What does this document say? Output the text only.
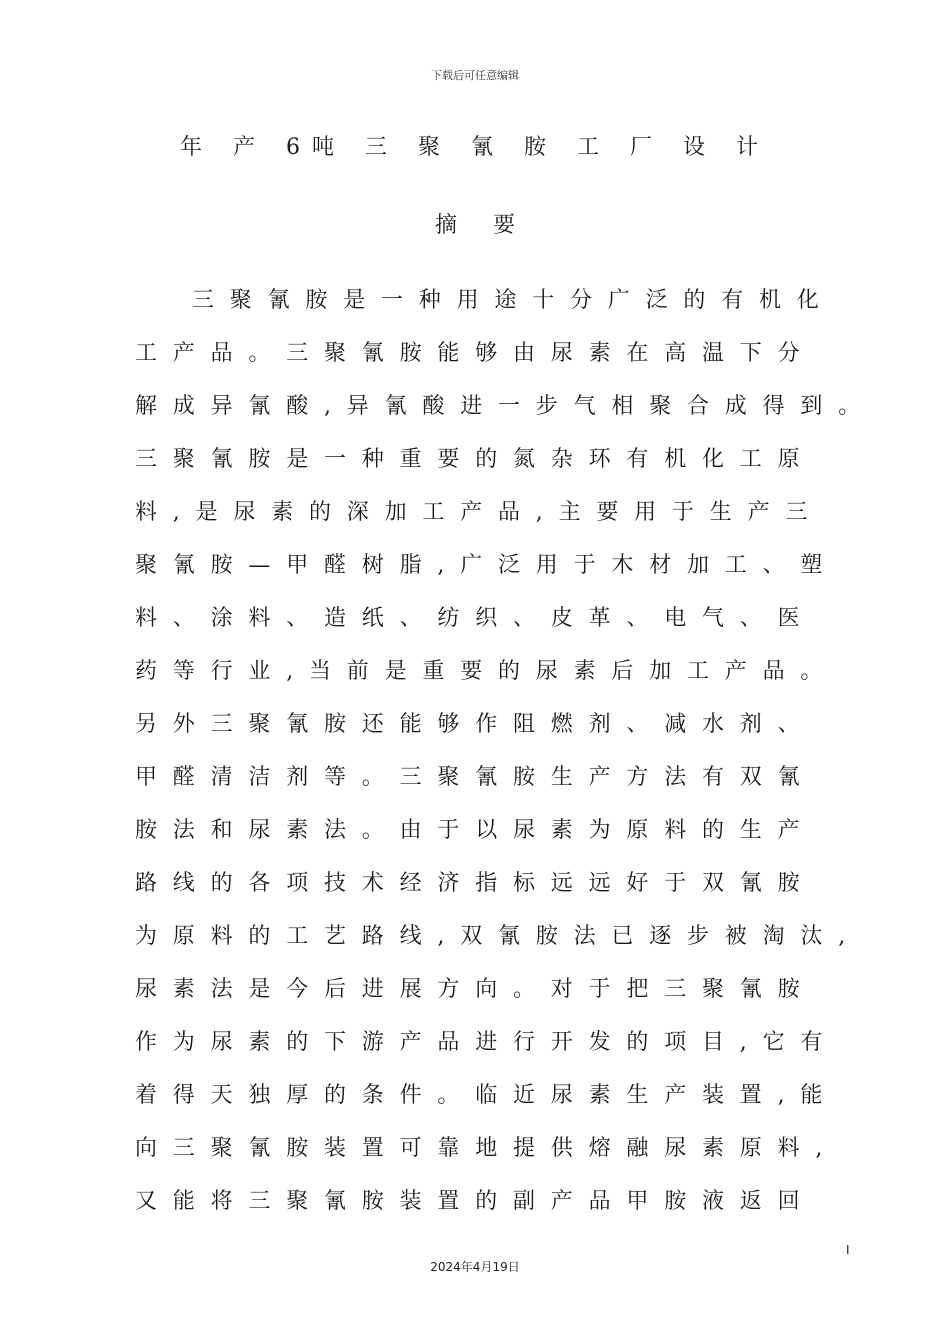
下载后可任意编辑
年 产 6吨 三 聚 氰 胺 工 厂 设 计
摘要
三聚氰胺是一种用途十分广泛的有机化
工产品。三聚氰胺能够由尿素在高温下分
解成异氰酸,异氰酸进一步气相聚合成得到。
三聚氰胺是一种重要的氮杂环有机化工原
料,是尿素的深加工产品,主要用于生产三
聚氰胺—甲醛树脂,广泛用于木材加工、塑
料、涂料、造纸、纺织、皮革、电气、医
药等行业,当前是重要的尿素后加工产品。
另外三聚氰胺还能够作阻燃剂、减水剂、
甲醛清洁剂等。三聚氰胺生产方法有双氰
胺法和尿素法。由于以尿素为原料的生产
路线的各项技术经济指标远远好于双氰胺
为原料的工艺路线,双氰胺法已逐步被淘汰,
尿素法是今后进展方向。对于把三聚氰胺
作为尿素的下游产品进行开发的项目,它有
着得天独厚的条件。临近尿素生产装置,能
向三聚氰胺装置可靠地提供熔融尿素原料,
又能将三聚氰胺装置的副产品甲胺液返回
I
2024年4月19日
